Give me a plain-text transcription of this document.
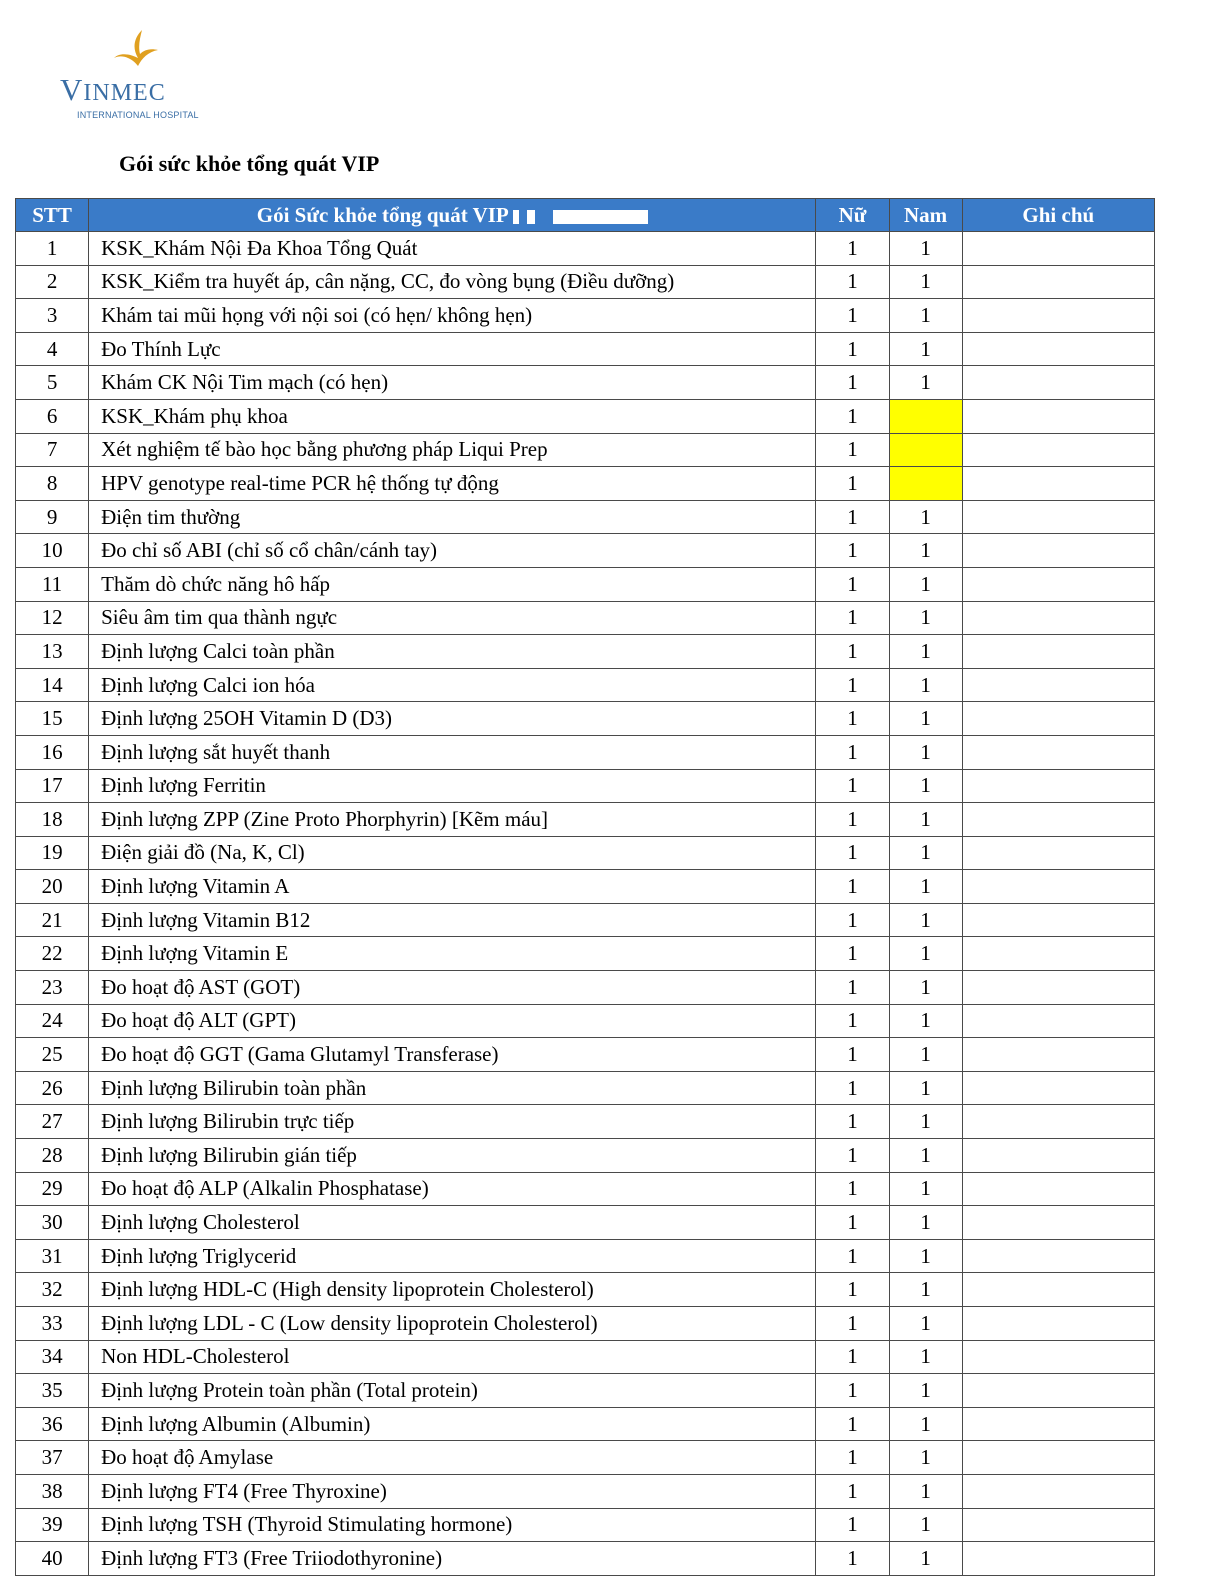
VINMEC
INTERNATIONAL HOSPITAL
Gói sức khỏe tổng quát VIP
STT	Gói Sức khỏe tổng quát VIP	Nữ	Nam	Ghi chú
1	KSK_Khám Nội Đa Khoa Tổng Quát	1	1	
2	KSK_Kiểm tra huyết áp, cân nặng, CC, đo vòng bụng (Điều dưỡng)	1	1	
3	Khám tai mũi họng với nội soi (có hẹn/ không hẹn)	1	1	
4	Đo Thính Lực	1	1	
5	Khám CK Nội Tim mạch (có hẹn)	1	1	
6	KSK_Khám phụ khoa	1		
7	Xét nghiệm tế bào học bằng phương pháp Liqui Prep	1		
8	HPV genotype real-time PCR hệ thống tự động	1		
9	Điện tim thường	1	1	
10	Đo chỉ số ABI (chỉ số cổ chân/cánh tay)	1	1	
11	Thăm dò chức năng hô hấp	1	1	
12	Siêu âm tim qua thành ngực	1	1	
13	Định lượng Calci toàn phần	1	1	
14	Định lượng Calci ion hóa	1	1	
15	Định lượng 25OH Vitamin D (D3)	1	1	
16	Định lượng sắt huyết thanh	1	1	
17	Định lượng Ferritin	1	1	
18	Định lượng ZPP (Zine Proto Phorphyrin) [Kẽm máu]	1	1	
19	Điện giải đồ (Na, K, Cl)	1	1	
20	Định lượng Vitamin A	1	1	
21	Định lượng Vitamin B12	1	1	
22	Định lượng Vitamin E	1	1	
23	Đo hoạt độ AST (GOT)	1	1	
24	Đo hoạt độ ALT (GPT)	1	1	
25	Đo hoạt độ GGT (Gama Glutamyl Transferase)	1	1	
26	Định lượng Bilirubin toàn phần	1	1	
27	Định lượng Bilirubin trực tiếp	1	1	
28	Định lượng Bilirubin gián tiếp	1	1	
29	Đo hoạt độ ALP (Alkalin Phosphatase)	1	1	
30	Định lượng Cholesterol	1	1	
31	Định lượng Triglycerid	1	1	
32	Định lượng HDL-C (High density lipoprotein Cholesterol)	1	1	
33	Định lượng LDL - C (Low density lipoprotein Cholesterol)	1	1	
34	Non HDL-Cholesterol	1	1	
35	Định lượng Protein toàn phần (Total protein)	1	1	
36	Định lượng Albumin (Albumin)	1	1	
37	Đo hoạt độ Amylase	1	1	
38	Định lượng FT4 (Free Thyroxine)	1	1	
39	Định lượng TSH (Thyroid Stimulating hormone)	1	1	
40	Định lượng FT3 (Free Triiodothyronine)	1	1	
